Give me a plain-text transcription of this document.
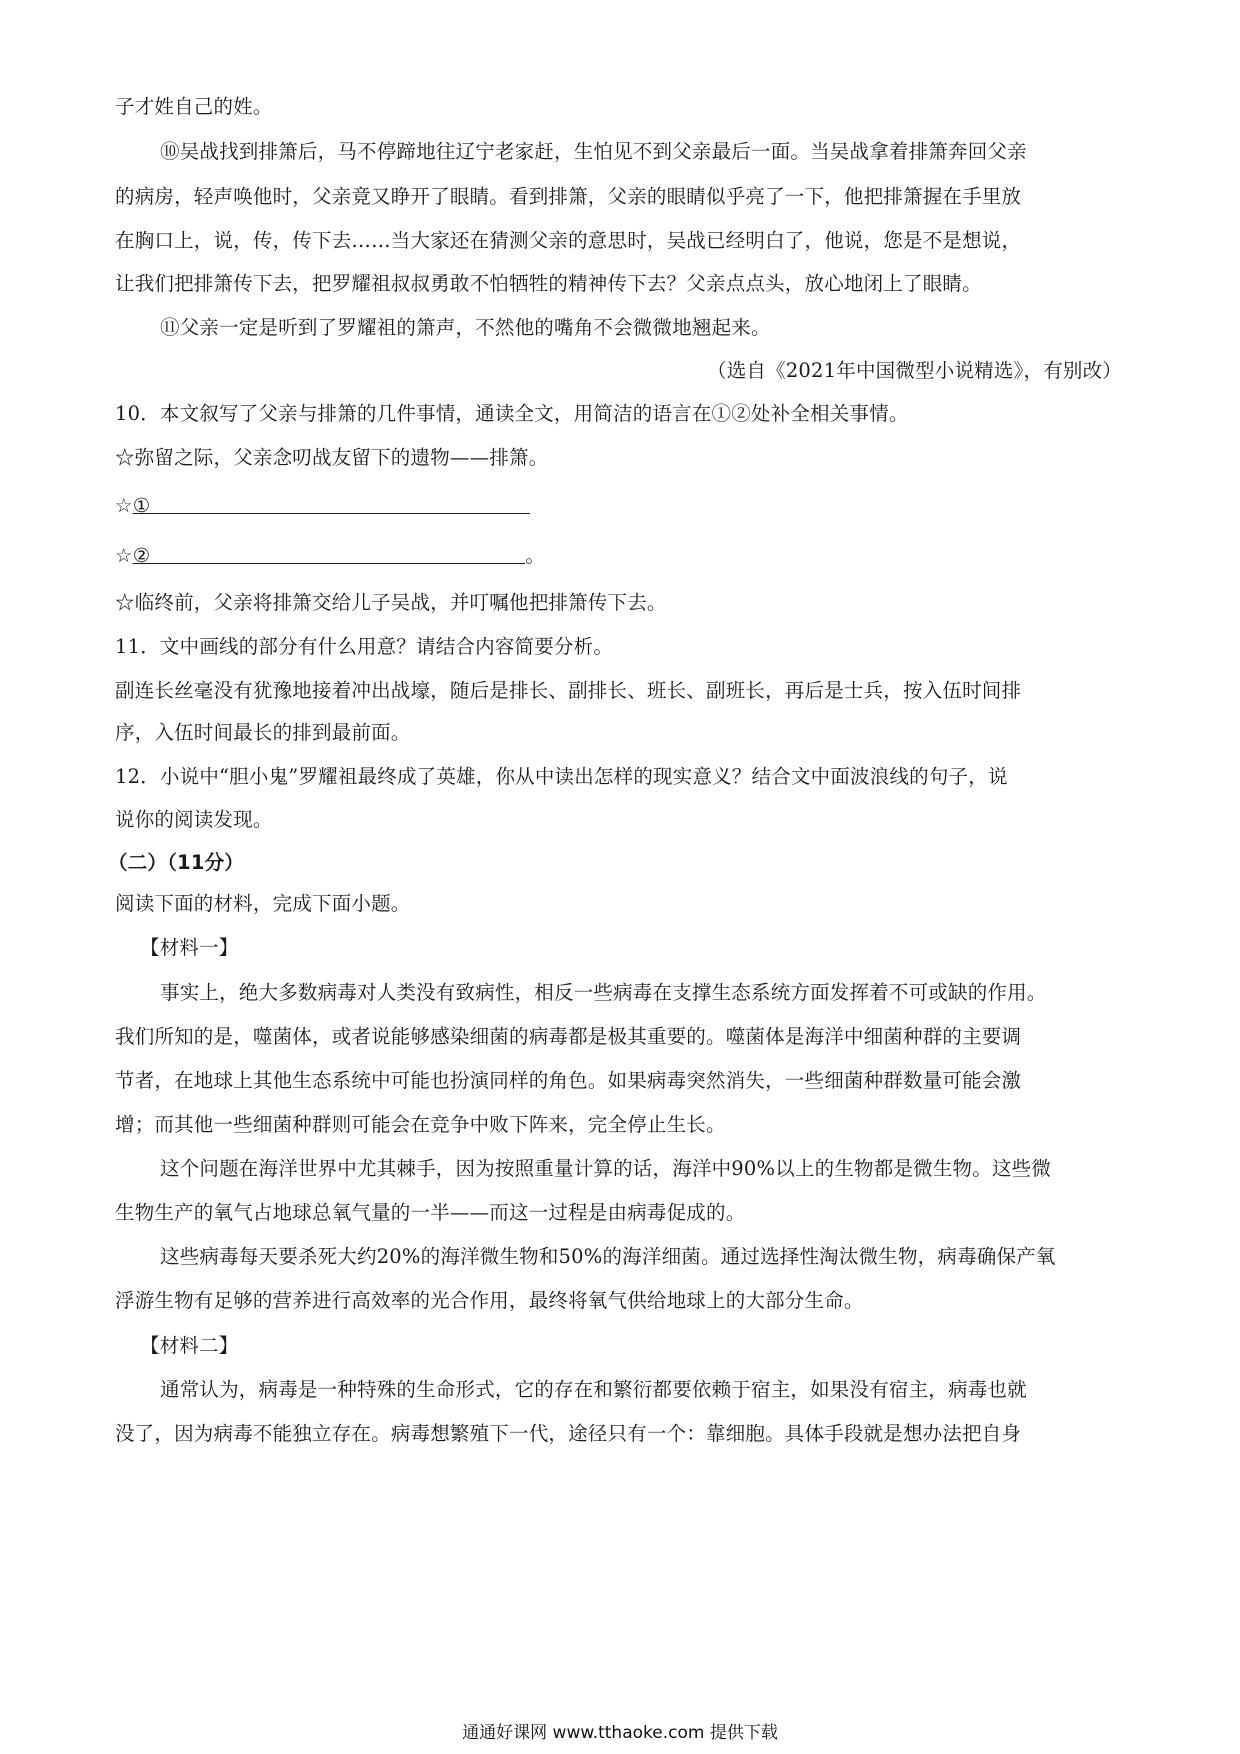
子才姓自己的姓。
⑩吴战找到排箫后，马不停蹄地往辽宁老家赶，生怕见不到父亲最后一面。当吴战拿着排箫奔回父亲
的病房，轻声唤他时，父亲竟又睁开了眼睛。看到排箫，父亲的眼睛似乎亮了一下，他把排箫握在手里放
在胸口上，说，传，传下去……当大家还在猜测父亲的意思时，吴战已经明白了，他说，您是不是想说，
让我们把排箫传下去，把罗耀祖叔叔勇敢不怕牺牲的精神传下去？父亲点点头，放心地闭上了眼睛。
⑪父亲一定是听到了罗耀祖的箫声，不然他的嘴角不会微微地翘起来。
（选自《2021年中国微型小说精选》，有别改）
10．本文叙写了父亲与排箫的几件事情，通读全文，用简洁的语言在①②处补全相关事情。
☆弥留之际，父亲念叨战友留下的遗物——排箫。
☆①
☆②	。
☆临终前，父亲将排箫交给儿子吴战，并叮嘱他把排箫传下去。
11．文中画线的部分有什么用意？请结合内容简要分析。
副连长丝毫没有犹豫地接着冲出战壕，随后是排长、副排长、班长、副班长，再后是士兵，按入伍时间排
序，入伍时间最长的排到最前面。
12．小说中“胆小鬼”罗耀祖最终成了英雄，你从中读出怎样的现实意义？结合文中面波浪线的句子，说
说你的阅读发现。
（二）（11分）
阅读下面的材料，完成下面小题。
【材料一】
事实上，绝大多数病毒对人类没有致病性，相反一些病毒在支撑生态系统方面发挥着不可或缺的作用。
我们所知的是，噬菌体，或者说能够感染细菌的病毒都是极其重要的。噬菌体是海洋中细菌种群的主要调
节者，在地球上其他生态系统中可能也扮演同样的角色。如果病毒突然消失，一些细菌种群数量可能会激
增；而其他一些细菌种群则可能会在竞争中败下阵来，完全停止生长。
这个问题在海洋世界中尤其棘手，因为按照重量计算的话，海洋中90%以上的生物都是微生物。这些微
生物生产的氧气占地球总氧气量的一半——而这一过程是由病毒促成的。
这些病毒每天要杀死大约20%的海洋微生物和50%的海洋细菌。通过选择性淘汰微生物，病毒确保产氧
浮游生物有足够的营养进行高效率的光合作用，最终将氧气供给地球上的大部分生命。
【材料二】
通常认为，病毒是一种特殊的生命形式，它的存在和繁衍都要依赖于宿主，如果没有宿主，病毒也就
没了，因为病毒不能独立存在。病毒想繁殖下一代，途径只有一个：靠细胞。具体手段就是想办法把自身
通通好课网 www.tthaoke.com 提供下载
